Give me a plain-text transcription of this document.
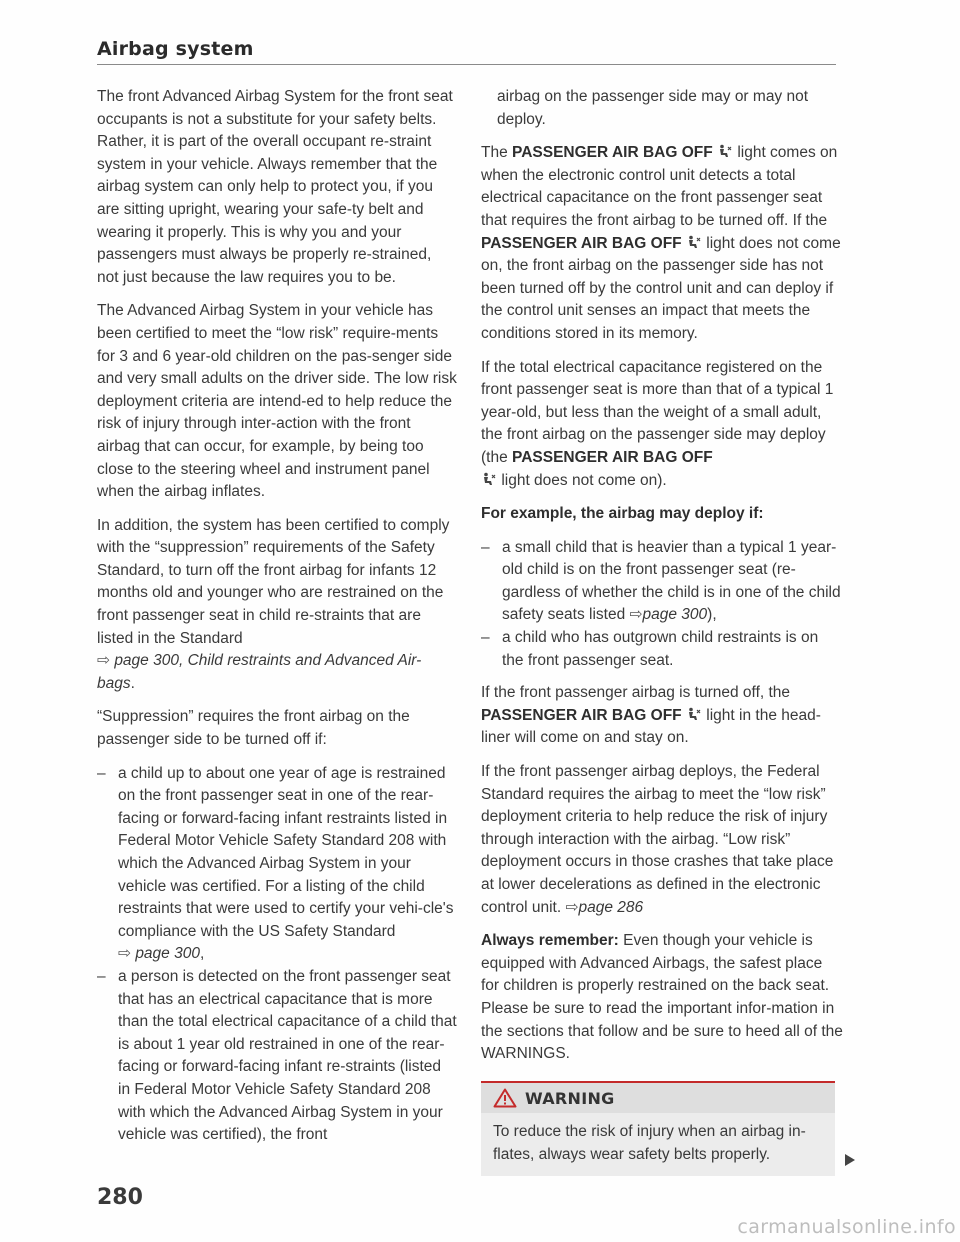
Airbag system

The front Advanced Airbag System for the front seat occupants is not a substitute for your safety belts. Rather, it is part of the overall occupant re-straint system in your vehicle. Always remember that the airbag system can only help to protect you, if you are sitting upright, wearing your safe-ty belt and wearing it properly. This is why you and your passengers must always be properly re-strained, not just because the law requires you to be.

The Advanced Airbag System in your vehicle has been certified to meet the “low risk” require-ments for 3 and 6 year-old children on the pas-senger side and very small adults on the driver side. The low risk deployment criteria are intend-ed to help reduce the risk of injury through inter-action with the front airbag that can occur, for example, by being too close to the steering wheel and instrument panel when the airbag inflates.

In addition, the system has been certified to comply with the “suppression” requirements of the Safety Standard, to turn off the front airbag for infants 12 months old and younger who are restrained on the front passenger seat in child re-straints that are listed in the Standard
⇨ page 300, Child restraints and Advanced Air-bags.

“Suppression” requires the front airbag on the passenger side to be turned off if:

– a child up to about one year of age is restrained on the front passenger seat in one of the rear-facing or forward-facing infant restraints listed in Federal Motor Vehicle Safety Standard 208 with which the Advanced Airbag System in your vehicle was certified. For a listing of the child restraints that were used to certify your vehi-cle's compliance with the US Safety Standard
⇨ page 300,
– a person is detected on the front passenger seat that has an electrical capacitance that is more than the total electrical capacitance of a child that is about 1 year old restrained in one of the rear-facing or forward-facing infant re-straints (listed in Federal Motor Vehicle Safety Standard 208 with which the Advanced Airbag System in your vehicle was certified), the front

airbag on the passenger side may or may not deploy.

The PASSENGER AIR BAG OFF light comes on when the electronic control unit detects a total electrical capacitance on the front passenger seat that requires the front airbag to be turned off. If the PASSENGER AIR BAG OFF light does not come on, the front airbag on the passenger side has not been turned off by the control unit and can deploy if the control unit senses an impact that meets the conditions stored in its memory.

If the total electrical capacitance registered on the front passenger seat is more than that of a typical 1 year-old, but less than the weight of a small adult, the front airbag on the passenger side may deploy (the PASSENGER AIR BAG OFF
light does not come on).

For example, the airbag may deploy if:

– a small child that is heavier than a typical 1 year-old child is on the front passenger seat (re-gardless of whether the child is in one of the child safety seats listed ⇨page 300),
– a child who has outgrown child restraints is on the front passenger seat.

If the front passenger airbag is turned off, the
PASSENGER AIR BAG OFF light in the head-liner will come on and stay on.

If the front passenger airbag deploys, the Federal Standard requires the airbag to meet the “low risk” deployment criteria to help reduce the risk of injury through interaction with the airbag. “Low risk” deployment occurs in those crashes that take place at lower decelerations as defined in the electronic control unit. ⇨page 286

Always remember: Even though your vehicle is equipped with Advanced Airbags, the safest place for children is properly restrained on the back seat. Please be sure to read the important infor-mation in the sections that follow and be sure to heed all of the WARNINGS.

WARNING
To reduce the risk of injury when an airbag in-flates, always wear safety belts properly.
280
carmanualsonline.info
